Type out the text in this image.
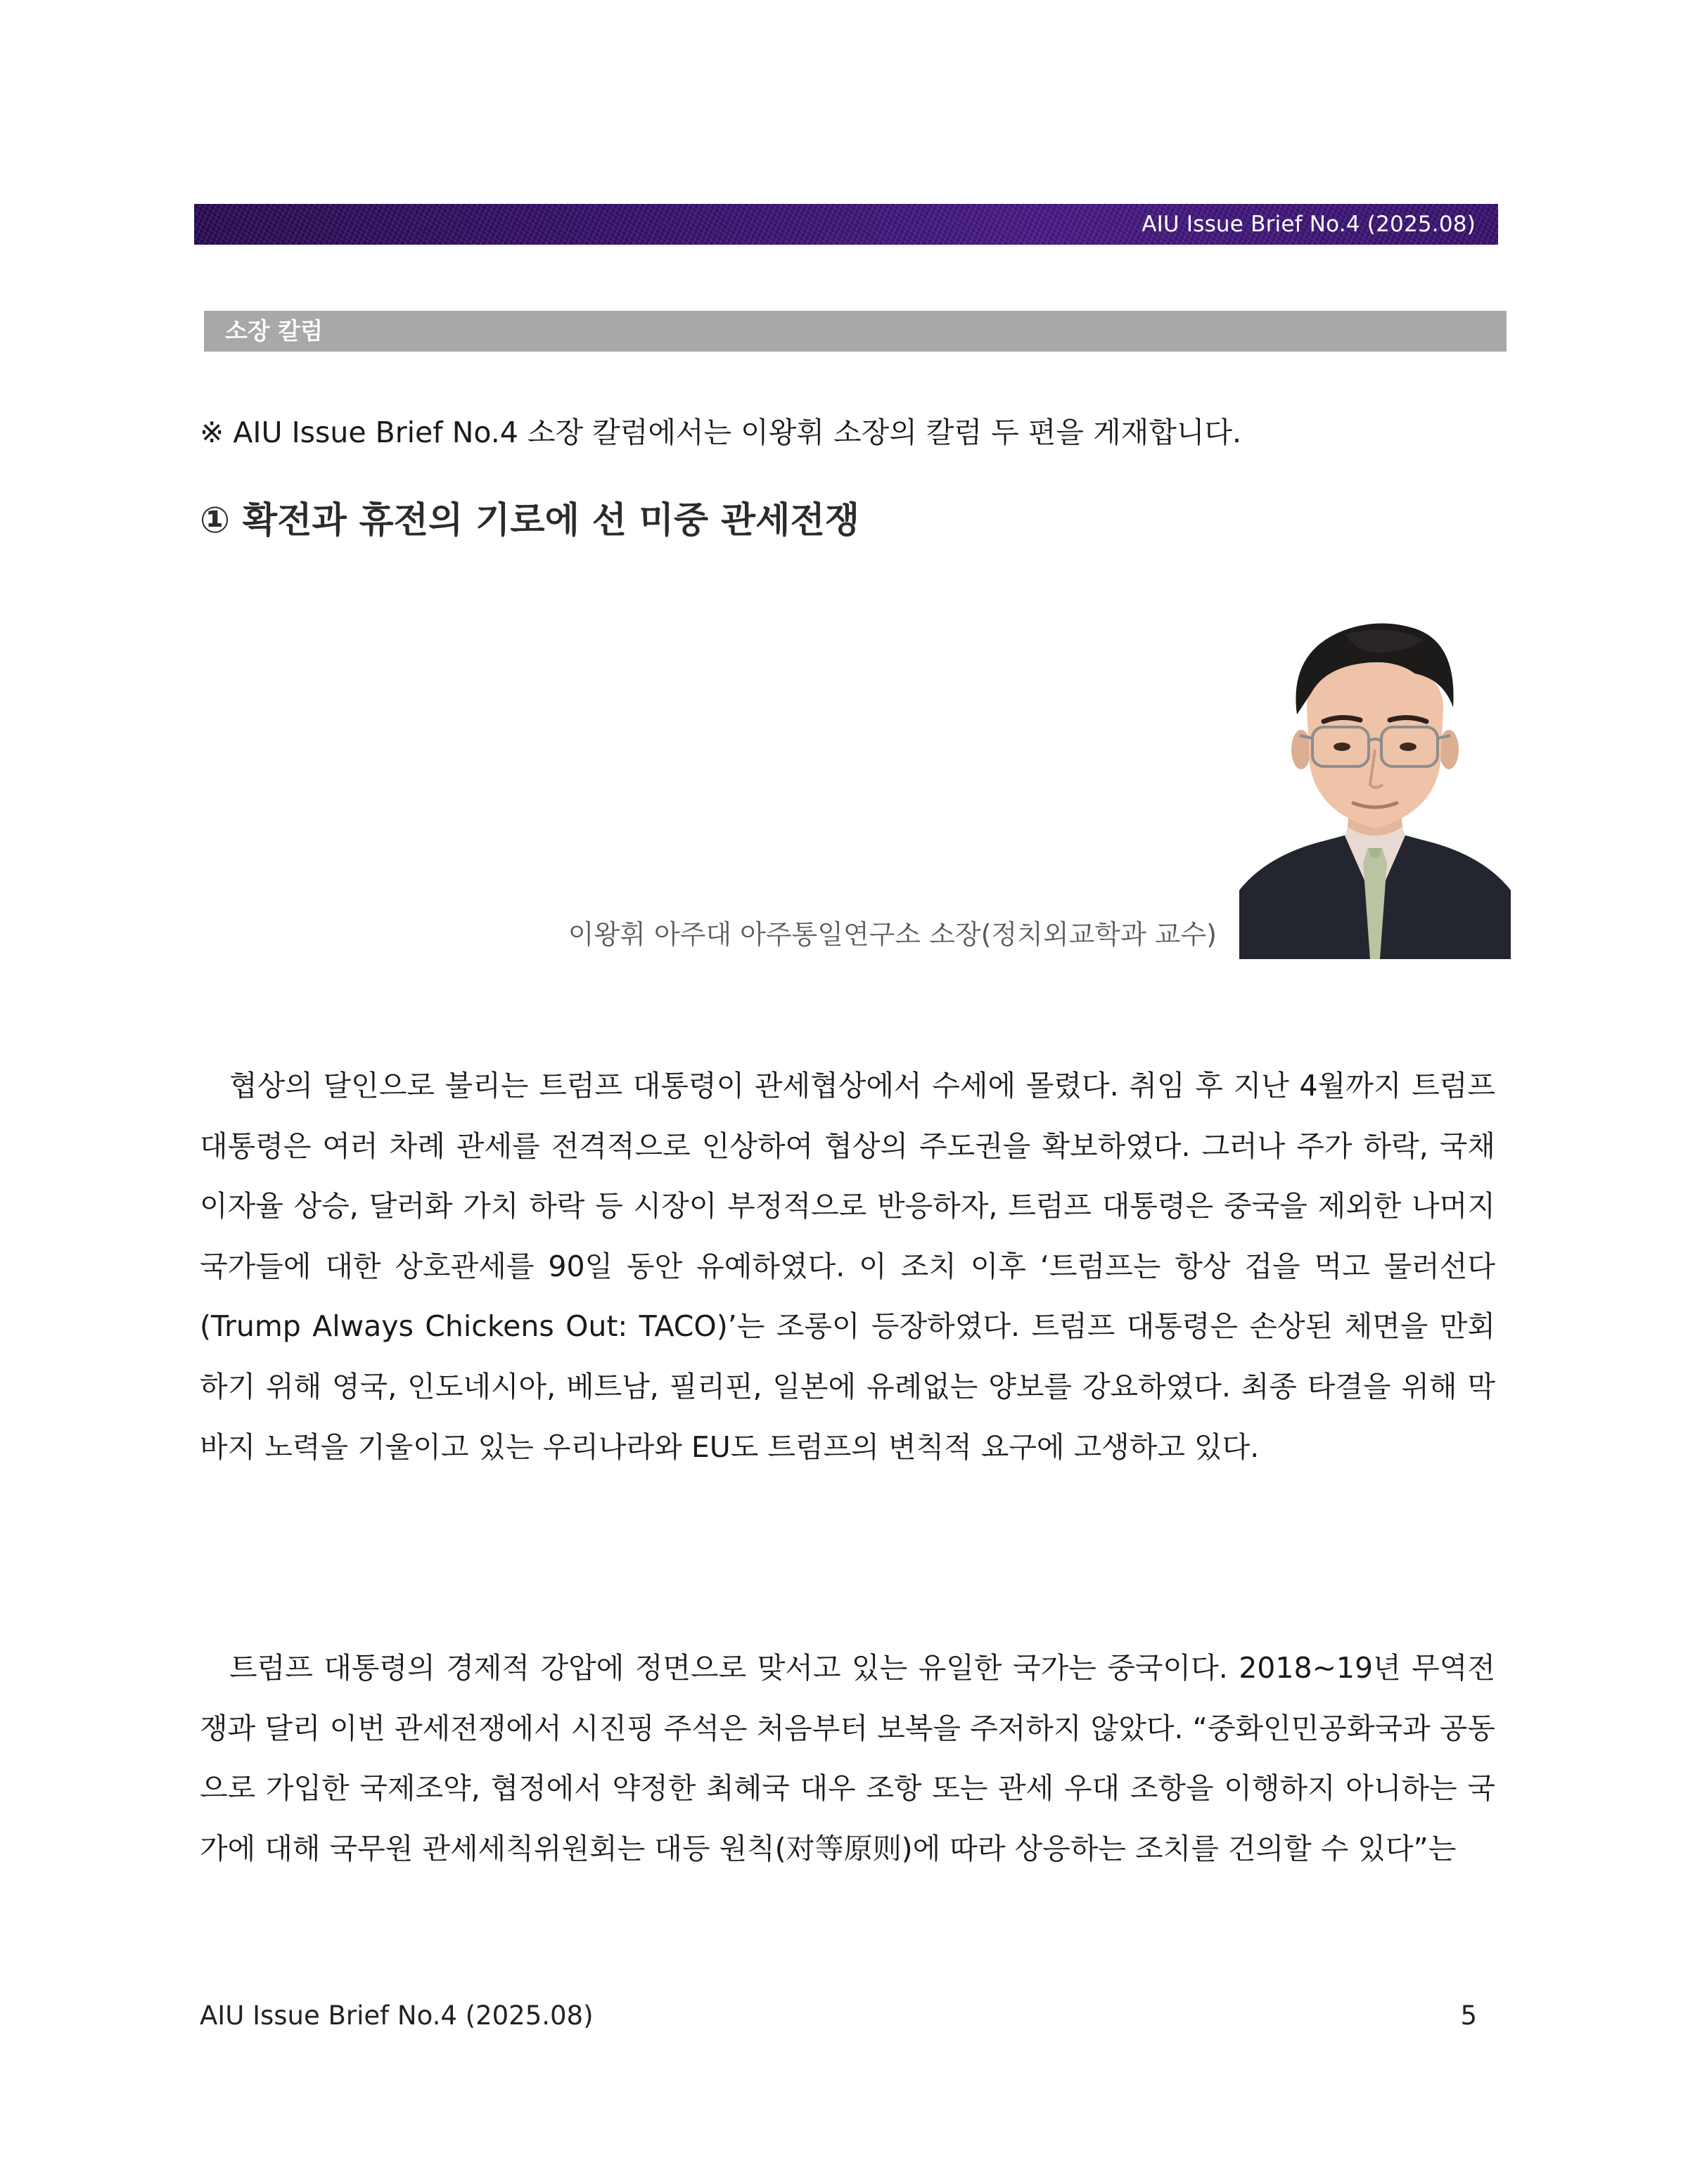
AIU Issue Brief No.4 (2025.08)
소장 칼럼
※ AIU Issue Brief No.4 소장 칼럼에서는 이왕휘 소장의 칼럼 두 편을 게재합니다.
① 확전과 휴전의 기로에 선 미중 관세전쟁
이왕휘 아주대 아주통일연구소 소장(정치외교학과 교수)

협상의 달인으로 불리는 트럼프 대통령이 관세협상에서 수세에 몰렸다. 취임 후 지난 4월까지 트럼프 대통령은 여러 차례 관세를 전격적으로 인상하여 협상의 주도권을 확보하였다. 그러나 주가 하락, 국채 이자율 상승, 달러화 가치 하락 등 시장이 부정적으로 반응하자, 트럼프 대통령은 중국을 제외한 나머지 국가들에 대한 상호관세를 90일 동안 유예하였다. 이 조치 이후 ‘트럼프는 항상 겁을 먹고 물러선다(Trump Always Chickens Out: TACO)’는 조롱이 등장하였다. 트럼프 대통령은 손상된 체면을 만회하기 위해 영국, 인도네시아, 베트남, 필리핀, 일본에 유례없는 양보를 강요하였다. 최종 타결을 위해 막바지 노력을 기울이고 있는 우리나라와 EU도 트럼프의 변칙적 요구에 고생하고 있다.

트럼프 대통령의 경제적 강압에 정면으로 맞서고 있는 유일한 국가는 중국이다. 2018~19년 무역전쟁과 달리 이번 관세전쟁에서 시진핑 주석은 처음부터 보복을 주저하지 않았다. “중화인민공화국과 공동으로 가입한 국제조약, 협정에서 약정한 최혜국 대우 조항 또는 관세 우대 조항을 이행하지 아니하는 국가에 대해 국무원 관세세칙위원회는 대등 원칙(对等原则)에 따라 상응하는 조치를 건의할 수 있다”는

AIU Issue Brief No.4 (2025.08)	5
